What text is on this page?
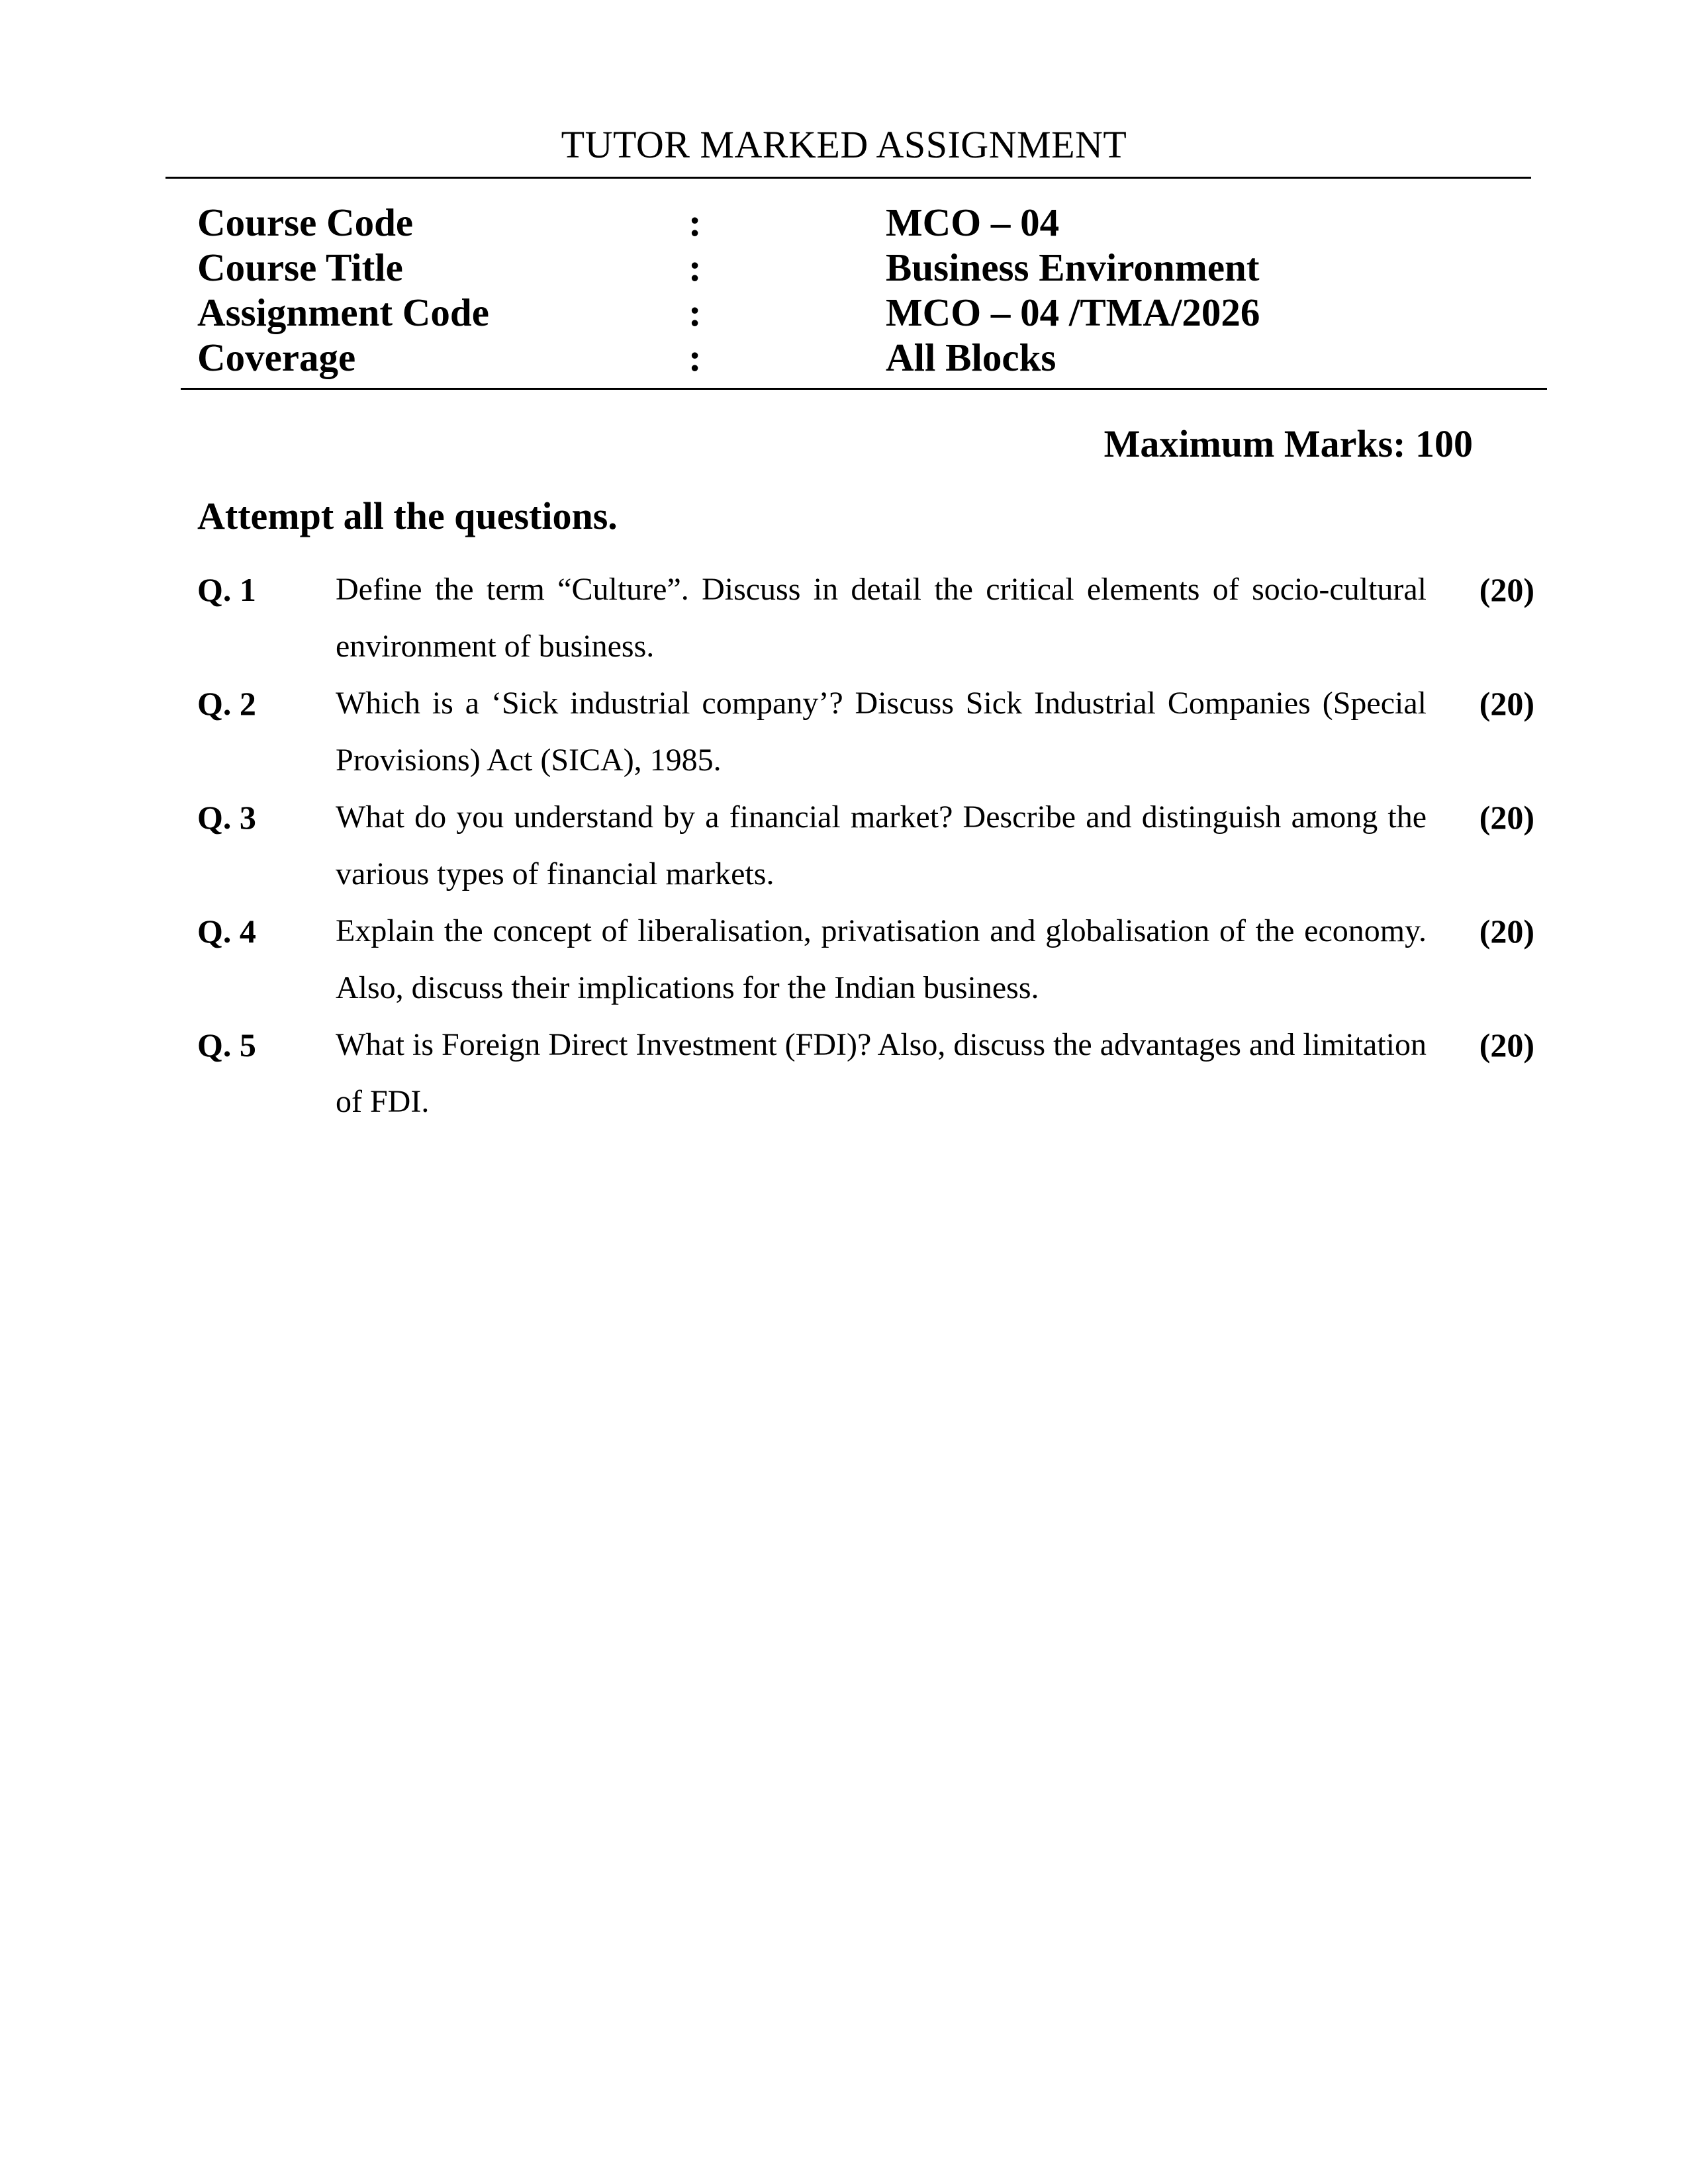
TUTOR MARKED ASSIGNMENT
Course Code	:	MCO – 04
Course Title	:	Business Environment
Assignment Code	:	MCO – 04 /TMA/2026
Coverage	:	All Blocks
Maximum Marks: 100
Attempt all the questions.
Q. 1	Define the term “Culture”. Discuss in detail the critical elements of socio-cultural environment of business.
(20)
Q. 2	Which is a ‘Sick industrial company’? Discuss Sick Industrial Companies (Special Provisions) Act (SICA), 1985.
(20)
Q. 3	What do you understand by a financial market? Describe and distinguish among the various types of financial markets.
(20)
Q. 4	Explain the concept of liberalisation, privatisation and globalisation of the economy. Also, discuss their implications for the Indian business.
(20)
Q. 5	What is Foreign Direct Investment (FDI)? Also, discuss the advantages and limitation of FDI.
(20)
